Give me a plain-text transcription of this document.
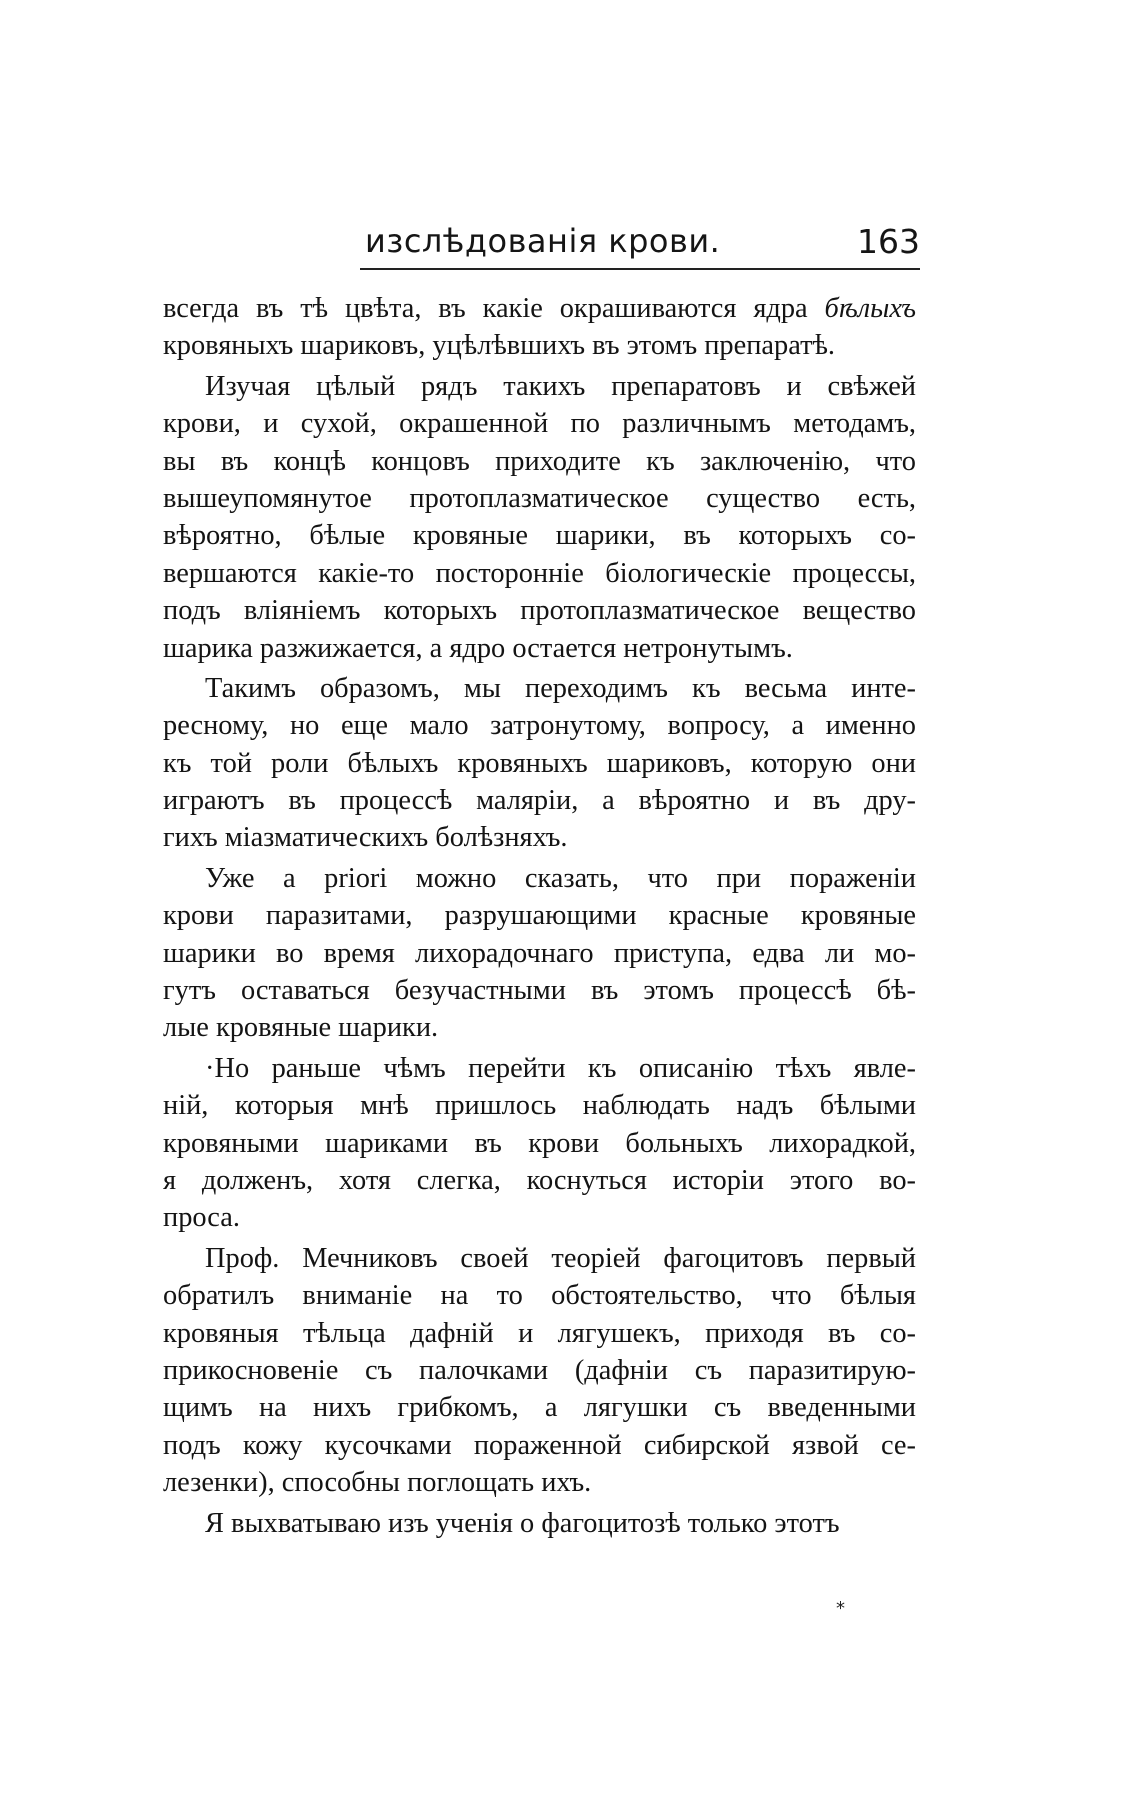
изслѣдованія крови.	163
всегда въ тѣ цвѣта, въ какіе окрашиваются ядра бѣлыхъ
кровяныхъ шариковъ, уцѣлѣвшихъ въ этомъ препаратѣ.
Изучая цѣлый рядъ такихъ препаратовъ и свѣжей
крови, и сухой, окрашенной по различнымъ методамъ,
вы въ концѣ концовъ приходите къ заключенію, что
вышеупомянутое протоплазматическое существо есть,
вѣроятно, бѣлые кровяные шарики, въ которыхъ со-
вершаются какіе-то посторонніе біологическіе процессы,
подъ вліяніемъ которыхъ протоплазматическое вещество
шарика разжижается, а ядро остается нетронутымъ.
Такимъ образомъ, мы переходимъ къ весьма инте-
ресному, но еще мало затронутому, вопросу, а именно
къ той роли бѣлыхъ кровяныхъ шариковъ, которую они
играютъ въ процессѣ маляріи, а вѣроятно и въ дру-
гихъ міазматическихъ болѣзняхъ.
Уже a priori можно сказать, что при пораженіи
крови паразитами, разрушающими красные кровяные
шарики во время лихорадочнаго приступа, едва ли мо-
гутъ оставаться безучастными въ этомъ процессѣ бѣ-
лые кровяные шарики.
·Но раньше чѣмъ перейти къ описанію тѣхъ явле-
ній, которыя мнѣ пришлось наблюдать надъ бѣлыми
кровяными шариками въ крови больныхъ лихорадкой,
я долженъ, хотя слегка, коснуться исторіи этого во-
проса.
Проф. Мечниковъ своей теоріей фагоцитовъ первый
обратилъ вниманіе на то обстоятельство, что бѣлыя
кровяныя тѣльца дафній и лягушекъ, приходя въ со-
прикосновеніе съ палочками (дафніи съ паразитирую-
щимъ на нихъ грибкомъ, а лягушки съ введенными
подъ кожу кусочками пораженной сибирской язвой се-
лезенки), способны поглощать ихъ.
Я выхватываю изъ ученія о фагоцитозѣ только этотъ
*
